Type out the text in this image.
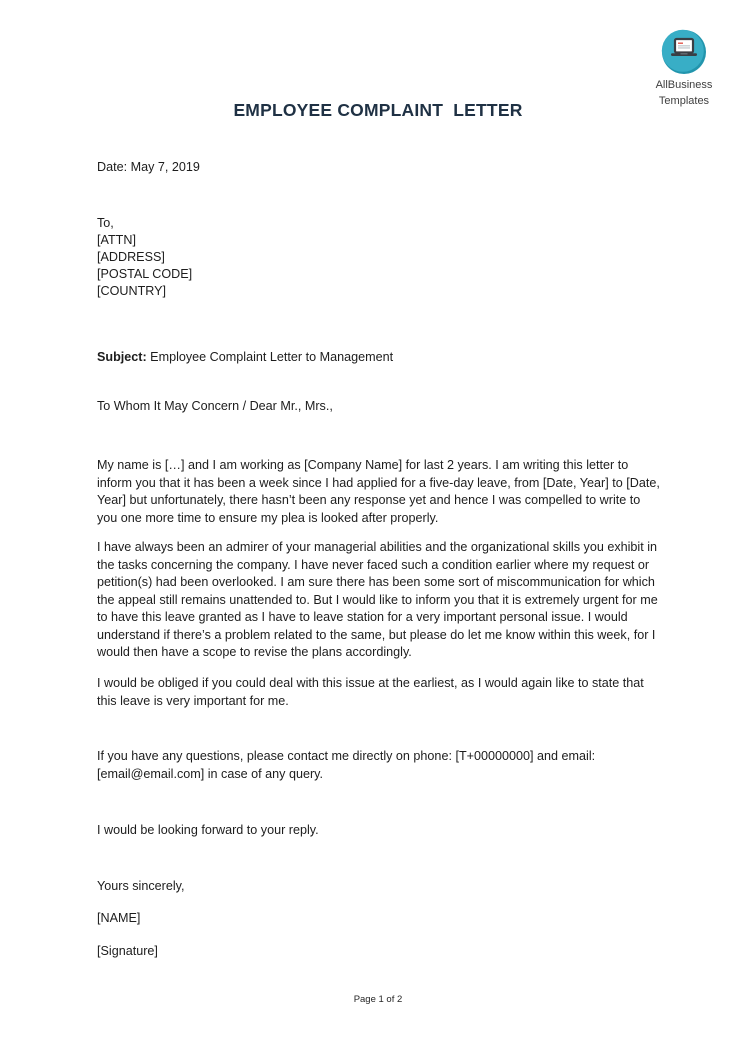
AllBusiness
Templates
EMPLOYEE COMPLAINT  LETTER
Date: May 7, 2019
To,
[ATTN]
[ADDRESS]
[POSTAL CODE]
[COUNTRY]
Subject: Employee Complaint Letter to Management
To Whom It May Concern / Dear Mr., Mrs.,
My name is […] and I am working as [Company Name] for last 2 years. I am writing this letter to inform you that it has been a week since I had applied for a five-day leave, from [Date, Year] to [Date, Year] but unfortunately, there hasn’t been any response yet and hence I was compelled to write to you one more time to ensure my plea is looked after properly.
I have always been an admirer of your managerial abilities and the organizational skills you exhibit in the tasks concerning the company. I have never faced such a condition earlier where my request or petition(s) had been overlooked. I am sure there has been some sort of miscommunication for which the appeal still remains unattended to. But I would like to inform you that it is extremely urgent for me to have this leave granted as I have to leave station for a very important personal issue. I would understand if there’s a problem related to the same, but please do let me know within this week, for I would then have a scope to revise the plans accordingly.
I would be obliged if you could deal with this issue at the earliest, as I would again like to state that this leave is very important for me.
If you have any questions, please contact me directly on phone: [T+00000000] and email: [email@email.com] in case of any query.
I would be looking forward to your reply.
Yours sincerely,
[NAME]
[Signature]
Page 1 of 2
